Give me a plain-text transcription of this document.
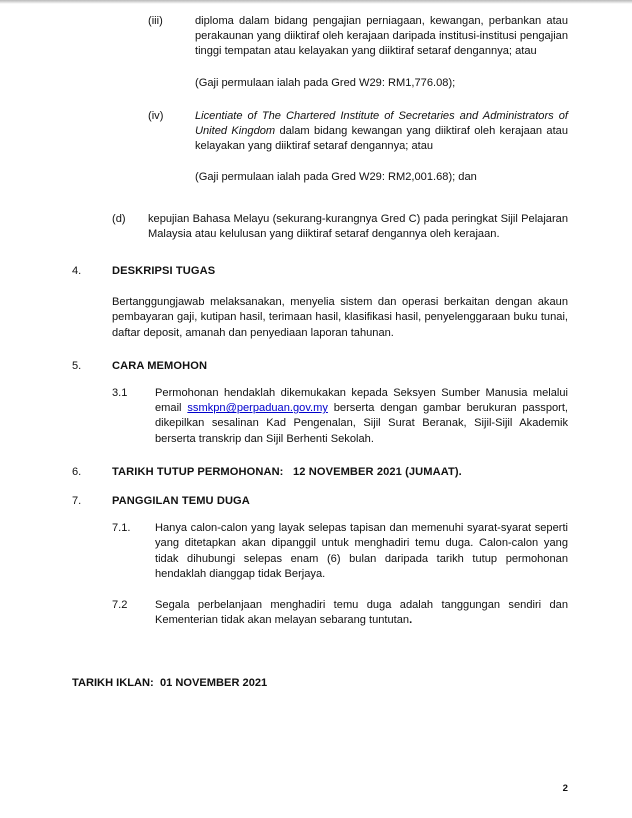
(iii)	diploma dalam bidang pengajian perniagaan, kewangan, perbankan atau perakaunan yang diiktiraf oleh kerajaan daripada institusi-institusi pengajian tinggi tempatan atau kelayakan yang diiktiraf setaraf dengannya; atau

(Gaji permulaan ialah pada Gred W29: RM1,776.08);

(iv)	Licentiate of The Chartered Institute of Secretaries and Administrators of United Kingdom dalam bidang kewangan yang diiktiraf oleh kerajaan atau kelayakan yang diiktiraf setaraf dengannya; atau

(Gaji permulaan ialah pada Gred W29: RM2,001.68); dan

(d)	kepujian Bahasa Melayu (sekurang-kurangnya Gred C) pada peringkat Sijil Pelajaran Malaysia atau kelulusan yang diiktiraf setaraf dengannya oleh kerajaan.

4.	DESKRIPSI TUGAS

Bertanggungjawab melaksanakan, menyelia sistem dan operasi berkaitan dengan akaun pembayaran gaji, kutipan hasil, terimaan hasil, klasifikasi hasil, penyelenggaraan buku tunai, daftar deposit, amanah dan penyediaan laporan tahunan.

5.	CARA MEMOHON
3.1	Permohonan hendaklah dikemukakan kepada Seksyen Sumber Manusia melalui email ssmkpn@perpaduan.gov.my berserta dengan gambar berukuran passport, dikepilkan sesalinan Kad Pengenalan, Sijil Surat Beranak, Sijil-Sijil Akademik berserta transkrip dan Sijil Berhenti Sekolah.

6.	TARIKH TUTUP PERMOHONAN: 12 NOVEMBER 2021 (JUMAAT).
7.	PANGGILAN TEMU DUGA
7.1.	Hanya calon-calon yang layak selepas tapisan dan memenuhi syarat-syarat seperti yang ditetapkan akan dipanggil untuk menghadiri temu duga. Calon-calon yang tidak dihubungi selepas enam (6) bulan daripada tarikh tutup permohonan hendaklah dianggap tidak Berjaya.

7.2	Segala perbelanjaan menghadiri temu duga adalah tanggungan sendiri dan Kementerian tidak akan melayan sebarang tuntutan.

TARIKH IKLAN: 01 NOVEMBER 2021
2
